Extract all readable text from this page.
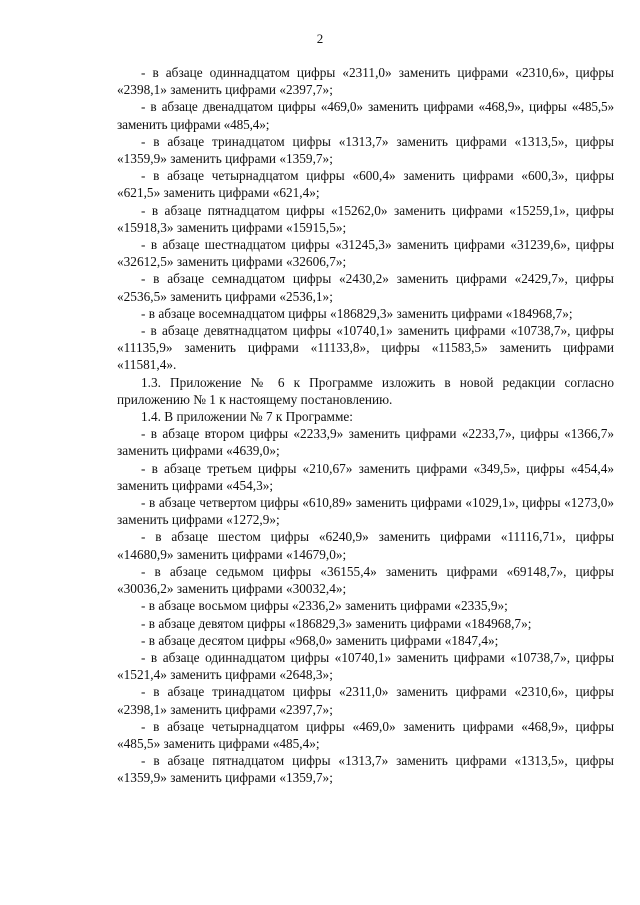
2

- в абзаце одиннадцатом цифры «2311,0» заменить цифрами «2310,6», цифры «2398,1» заменить цифрами «2397,7»;

- в абзаце двенадцатом цифры «469,0» заменить цифрами «468,9», цифры «485,5» заменить цифрами «485,4»;

- в абзаце тринадцатом цифры «1313,7» заменить цифрами «1313,5», цифры «1359,9» заменить цифрами «1359,7»;

- в абзаце четырнадцатом цифры «600,4» заменить цифрами «600,3», цифры «621,5» заменить цифрами «621,4»;

- в абзаце пятнадцатом цифры «15262,0» заменить цифрами «15259,1», цифры «15918,3» заменить цифрами «15915,5»;

- в абзаце шестнадцатом цифры «31245,3» заменить цифрами «31239,6», цифры «32612,5» заменить цифрами «32606,7»;

- в абзаце семнадцатом цифры «2430,2» заменить цифрами «2429,7», цифры «2536,5» заменить цифрами «2536,1»;

- в абзаце восемнадцатом цифры «186829,3» заменить цифрами «184968,7»;

- в абзаце девятнадцатом цифры «10740,1» заменить цифрами «10738,7», цифры «11135,9» заменить цифрами «11133,8», цифры «11583,5» заменить цифрами «11581,4».

1.3. Приложение № 6 к Программе изложить в новой редакции согласно приложению № 1 к настоящему постановлению.

1.4. В приложении № 7 к Программе:

- в абзаце втором цифры «2233,9» заменить цифрами «2233,7», цифры «1366,7» заменить цифрами «4639,0»;

- в абзаце третьем цифры «210,67» заменить цифрами «349,5», цифры «454,4» заменить цифрами «454,3»;

- в абзаце четвертом цифры «610,89» заменить цифрами «1029,1», цифры «1273,0» заменить цифрами «1272,9»;

- в абзаце шестом цифры «6240,9» заменить цифрами «11116,71», цифры «14680,9» заменить цифрами «14679,0»;

- в абзаце седьмом цифры «36155,4» заменить цифрами «69148,7», цифры «30036,2» заменить цифрами «30032,4»;

- в абзаце восьмом цифры «2336,2» заменить цифрами «2335,9»;

- в абзаце девятом цифры «186829,3» заменить цифрами «184968,7»;

- в абзаце десятом цифры «968,0» заменить цифрами «1847,4»;

- в абзаце одиннадцатом цифры «10740,1» заменить цифрами «10738,7», цифры «1521,4» заменить цифрами «2648,3»;

- в абзаце тринадцатом цифры «2311,0» заменить цифрами «2310,6», цифры «2398,1» заменить цифрами «2397,7»;

- в абзаце четырнадцатом цифры «469,0» заменить цифрами «468,9», цифры «485,5» заменить цифрами «485,4»;

- в абзаце пятнадцатом цифры «1313,7» заменить цифрами «1313,5», цифры «1359,9» заменить цифрами «1359,7»;
